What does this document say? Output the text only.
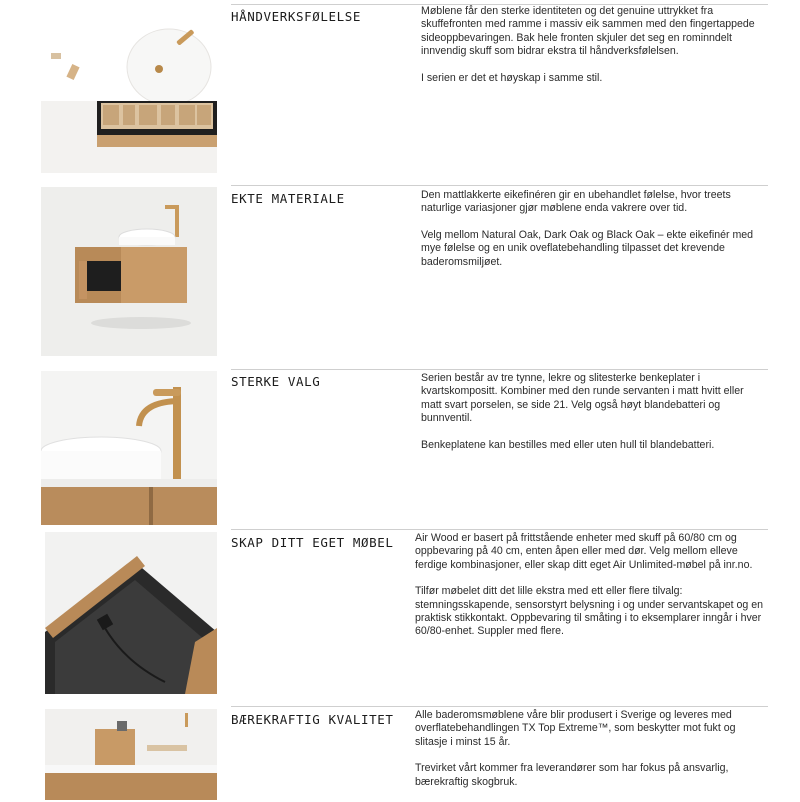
HÅNDVERKSFØLELSE	Møblene får den sterke identiteten og det genuine uttrykket fra skuffefronten med ramme i massiv eik sammen med den fingertappede sideoppbevaringen. Bak hele fronten skjuler det seg en rominndelt innvendig skuff som bidrar ekstra til håndverksfølelsen.

I serien er det et høyskap i samme stil.

EKTE MATERIALE	Den mattlakkerte eikefinéren gir en ubehandlet følelse, hvor treets naturlige variasjoner gjør møblene enda vakrere over tid.

Velg mellom Natural Oak, Dark Oak og Black Oak – ekte eikefinér med mye følelse og en unik oveflatebehandling tilpasset det krevende baderomsmiljøet.

STERKE VALG	Serien består av tre tynne, lekre og slitesterke benkeplater i kvartskompositt. Kombiner med den runde servanten i matt hvitt eller matt svart porselen, se side 21. Velg også høyt blandebatteri og bunnventil.

Benkeplatene kan bestilles med eller uten hull til blandebatteri.

SKAP DITT EGET MØBEL Air Wood er basert på frittstående enheter med skuff på 60/80 cm og oppbevaring på 40 cm, enten åpen eller med dør. Velg mellom elleve ferdige kombinasjoner, eller skap ditt eget Air Unlimited-møbel på inr.no.

Tilfør møbelet ditt det lille ekstra med ett eller flere tilvalg: stemningsskapende, sensorstyrt belysning i og under servantskapet og en praktisk stikkontakt. Oppbevaring til småting i to eksemplarer inngår i hver 60/80-enhet. Suppler med flere.

BÆREKRAFTIG KVALITET Alle baderomsmøblene våre blir produsert i Sverige og leveres med overflatebehandlingen TX Top Extreme™, som beskytter mot fukt og slitasje i minst 15 år.

Trevirket vårt kommer fra leverandører som har fokus på ansvarlig, bærekraftig skogbruk.
